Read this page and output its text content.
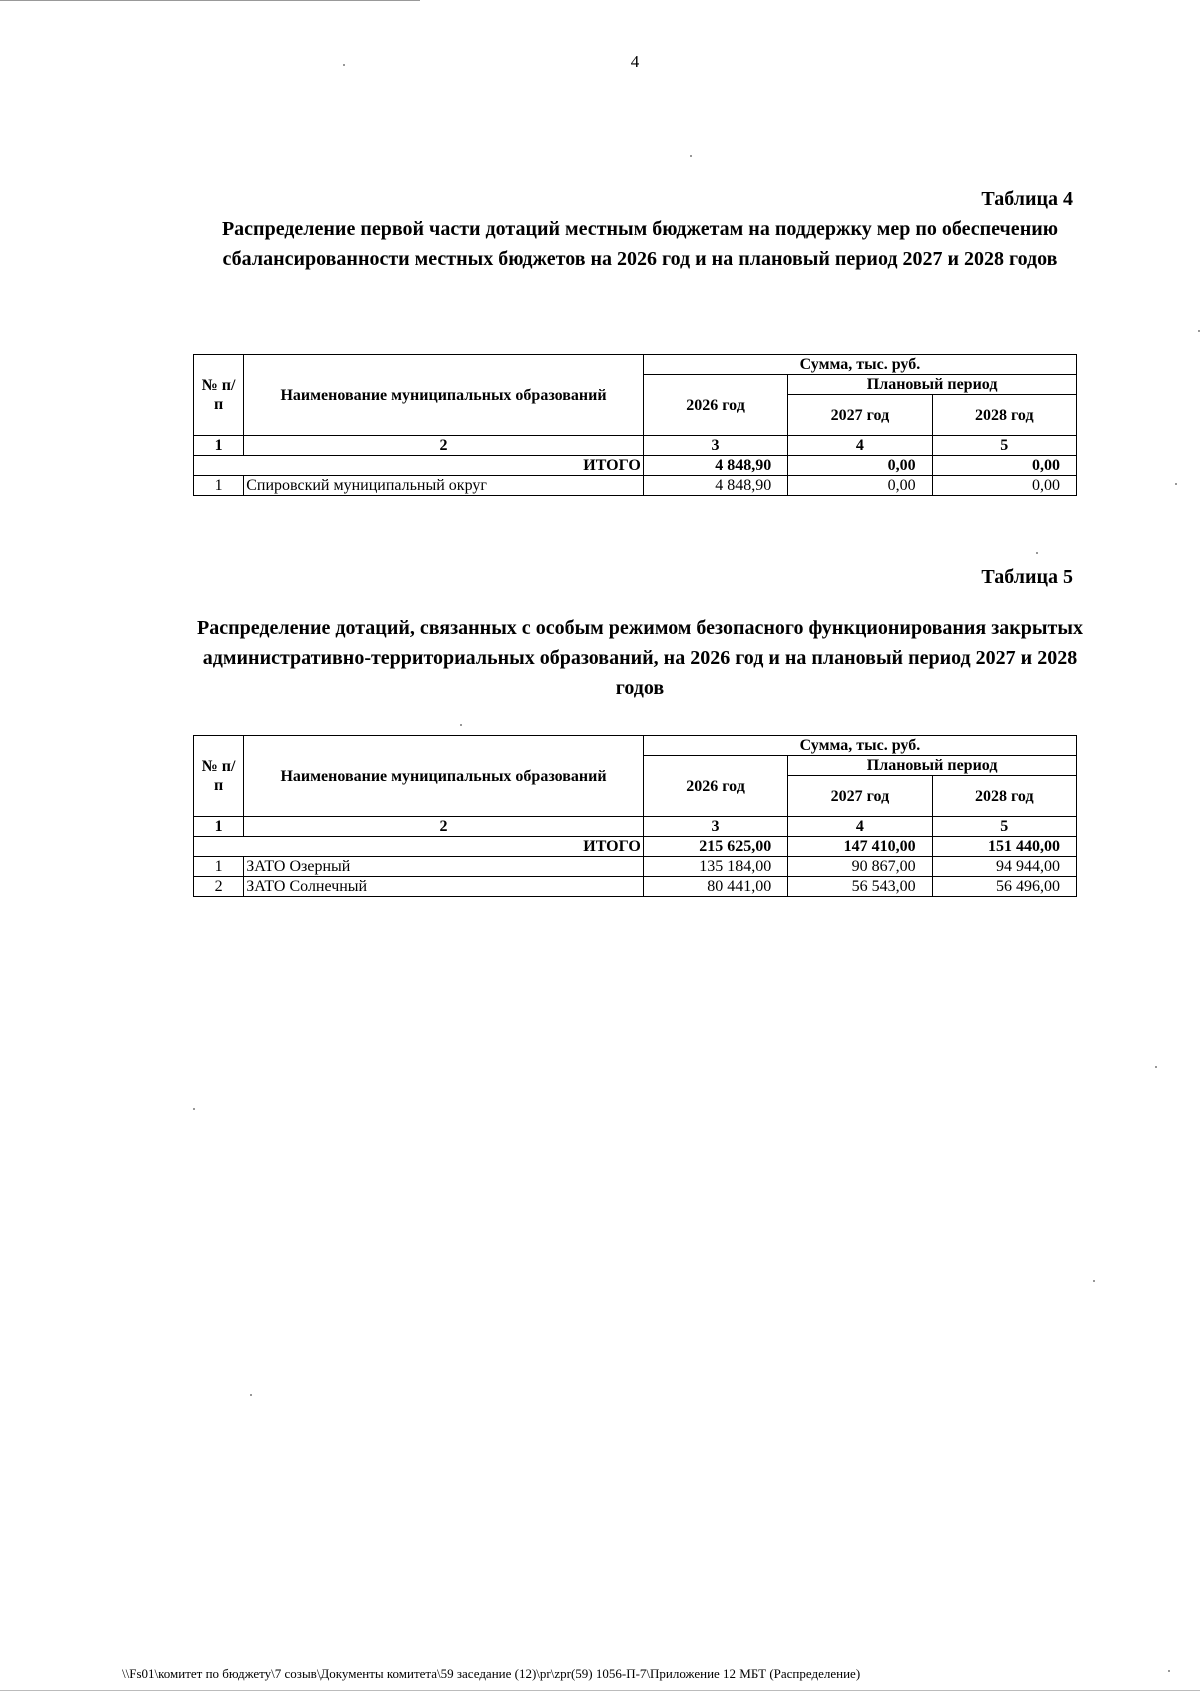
4
Таблица 4
Распределение первой части дотаций местным бюджетам на поддержку мер по обеспечению сбалансированности местных бюджетов на 2026 год и на плановый период 2027 и 2028 годов
№ п/п	Наименование муниципальных образований	Сумма, тыс. руб.		
		2026 год	Плановый период	
			2027 год	2028 год
1	2	3	4	5
	ИТОГО	4 848,90	0,00	0,00
1	Спировский муниципальный округ	4 848,90	0,00	0,00
Таблица 5
Распределение дотаций, связанных с особым режимом безопасного функционирования закрытых административно-территориальных образований, на 2026 год и на плановый период 2027 и 2028 годов
№ п/п	Наименование муниципальных образований	Сумма, тыс. руб.		
		2026 год	Плановый период	
			2027 год	2028 год
1	2	3	4	5
	ИТОГО	215 625,00	147 410,00	151 440,00
1	ЗАТО Озерный	135 184,00	90 867,00	94 944,00
2	ЗАТО Солнечный	80 441,00	56 543,00	56 496,00
\\Fs01\комитет по бюджету\7 созыв\Документы комитета\59 заседание (12)\pr\zpr(59) 1056-П-7\Приложение 12 МБТ (Распределение)
